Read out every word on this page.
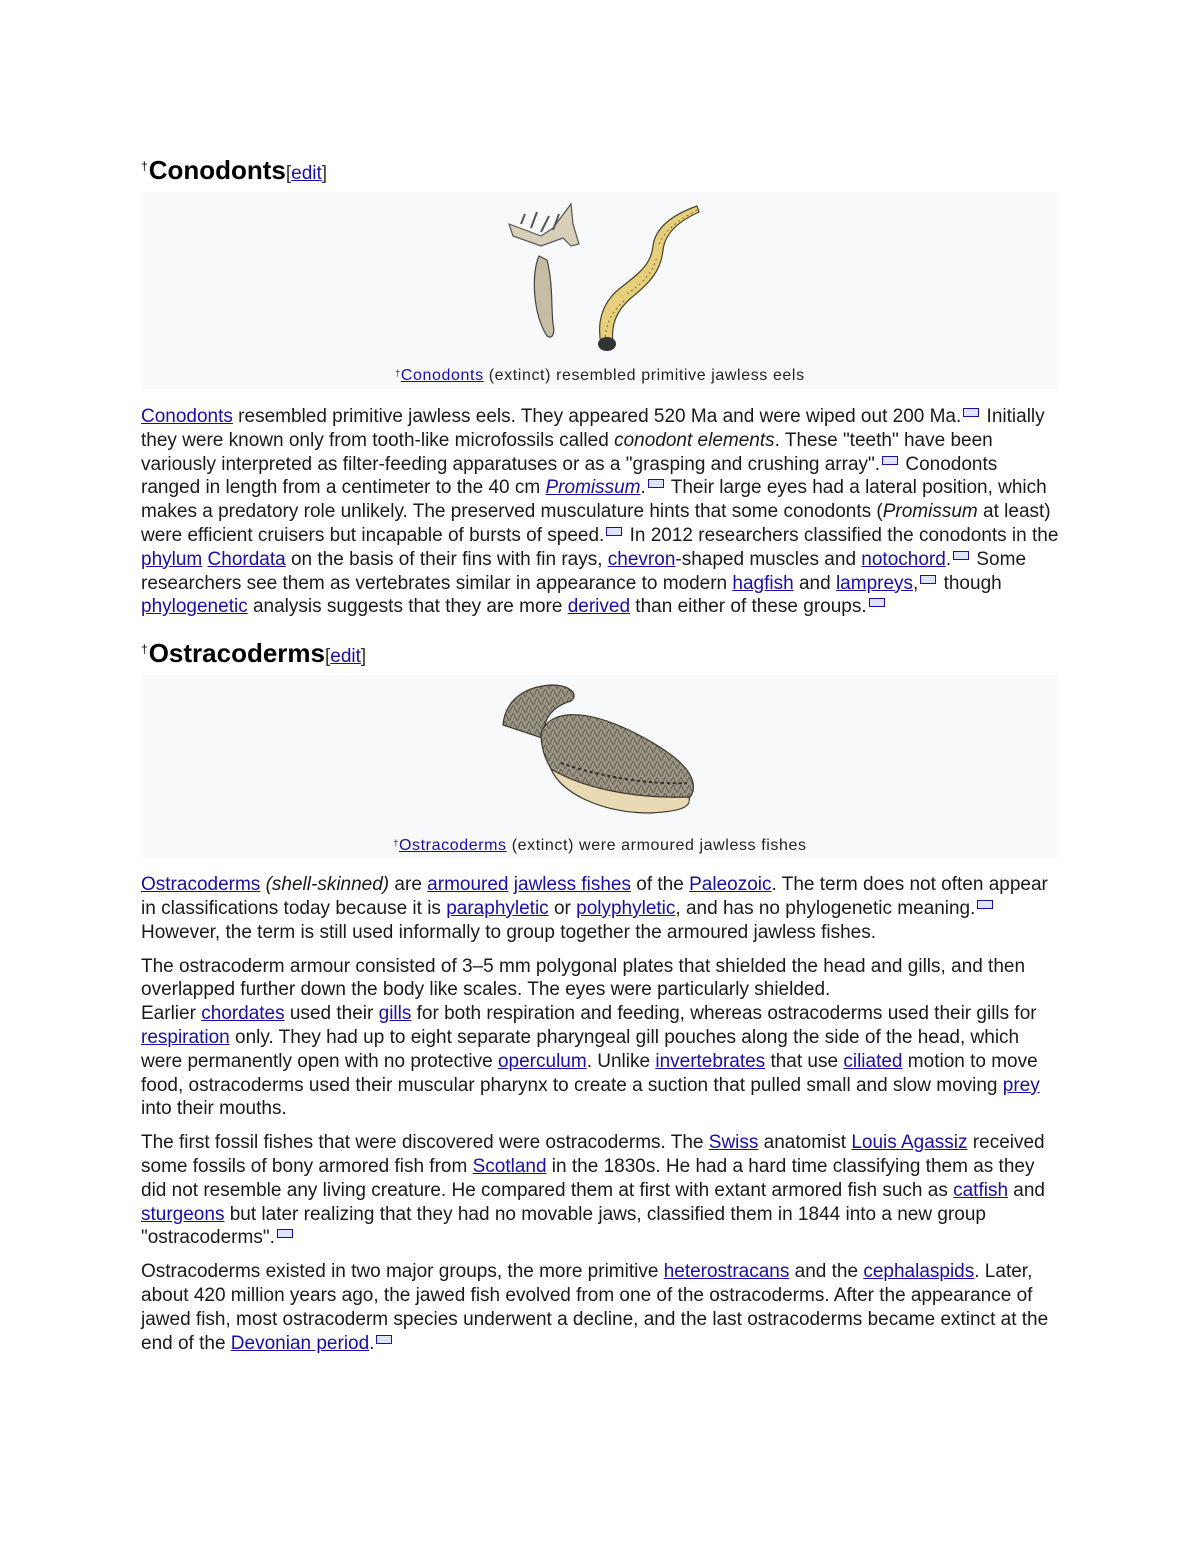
†Conodonts[edit]
†Conodonts (extinct) resembled primitive jawless eels

Conodonts resembled primitive jawless eels. They appeared 520 Ma and were wiped out 200 Ma. Initially they were known only from tooth-like microfossils called conodont elements. These "teeth" have been variously interpreted as filter-feeding apparatuses or as a "grasping and crushing array". Conodonts ranged in length from a centimeter to the 40 cm Promissum. Their large eyes had a lateral position, which makes a predatory role unlikely. The preserved musculature hints that some conodonts (Promissum at least) were efficient cruisers but incapable of bursts of speed. In 2012 researchers classified the conodonts in the phylum Chordata on the basis of their fins with fin rays, chevron-shaped muscles and notochord. Some researchers see them as vertebrates similar in appearance to modern hagfish and lampreys, though phylogenetic analysis suggests that they are more derived than either of these groups.

†Ostracoderms[edit]
†Ostracoderms (extinct) were armoured jawless fishes

Ostracoderms (shell-skinned) are armoured jawless fishes of the Paleozoic. The term does not often appear in classifications today because it is paraphyletic or polyphyletic, and has no phylogenetic meaning. However, the term is still used informally to group together the armoured jawless fishes.

The ostracoderm armour consisted of 3–5 mm polygonal plates that shielded the head and gills, and then overlapped further down the body like scales. The eyes were particularly shielded.
Earlier chordates used their gills for both respiration and feeding, whereas ostracoderms used their gills for respiration only. They had up to eight separate pharyngeal gill pouches along the side of the head, which were permanently open with no protective operculum. Unlike invertebrates that use ciliated motion to move food, ostracoderms used their muscular pharynx to create a suction that pulled small and slow moving prey into their mouths.

The first fossil fishes that were discovered were ostracoderms. The Swiss anatomist Louis Agassiz received some fossils of bony armored fish from Scotland in the 1830s. He had a hard time classifying them as they did not resemble any living creature. He compared them at first with extant armored fish such as catfish and sturgeons but later realizing that they had no movable jaws, classified them in 1844 into a new group "ostracoderms".

Ostracoderms existed in two major groups, the more primitive heterostracans and the cephalaspids. Later, about 420 million years ago, the jawed fish evolved from one of the ostracoderms. After the appearance of jawed fish, most ostracoderm species underwent a decline, and the last ostracoderms became extinct at the end of the Devonian period.
